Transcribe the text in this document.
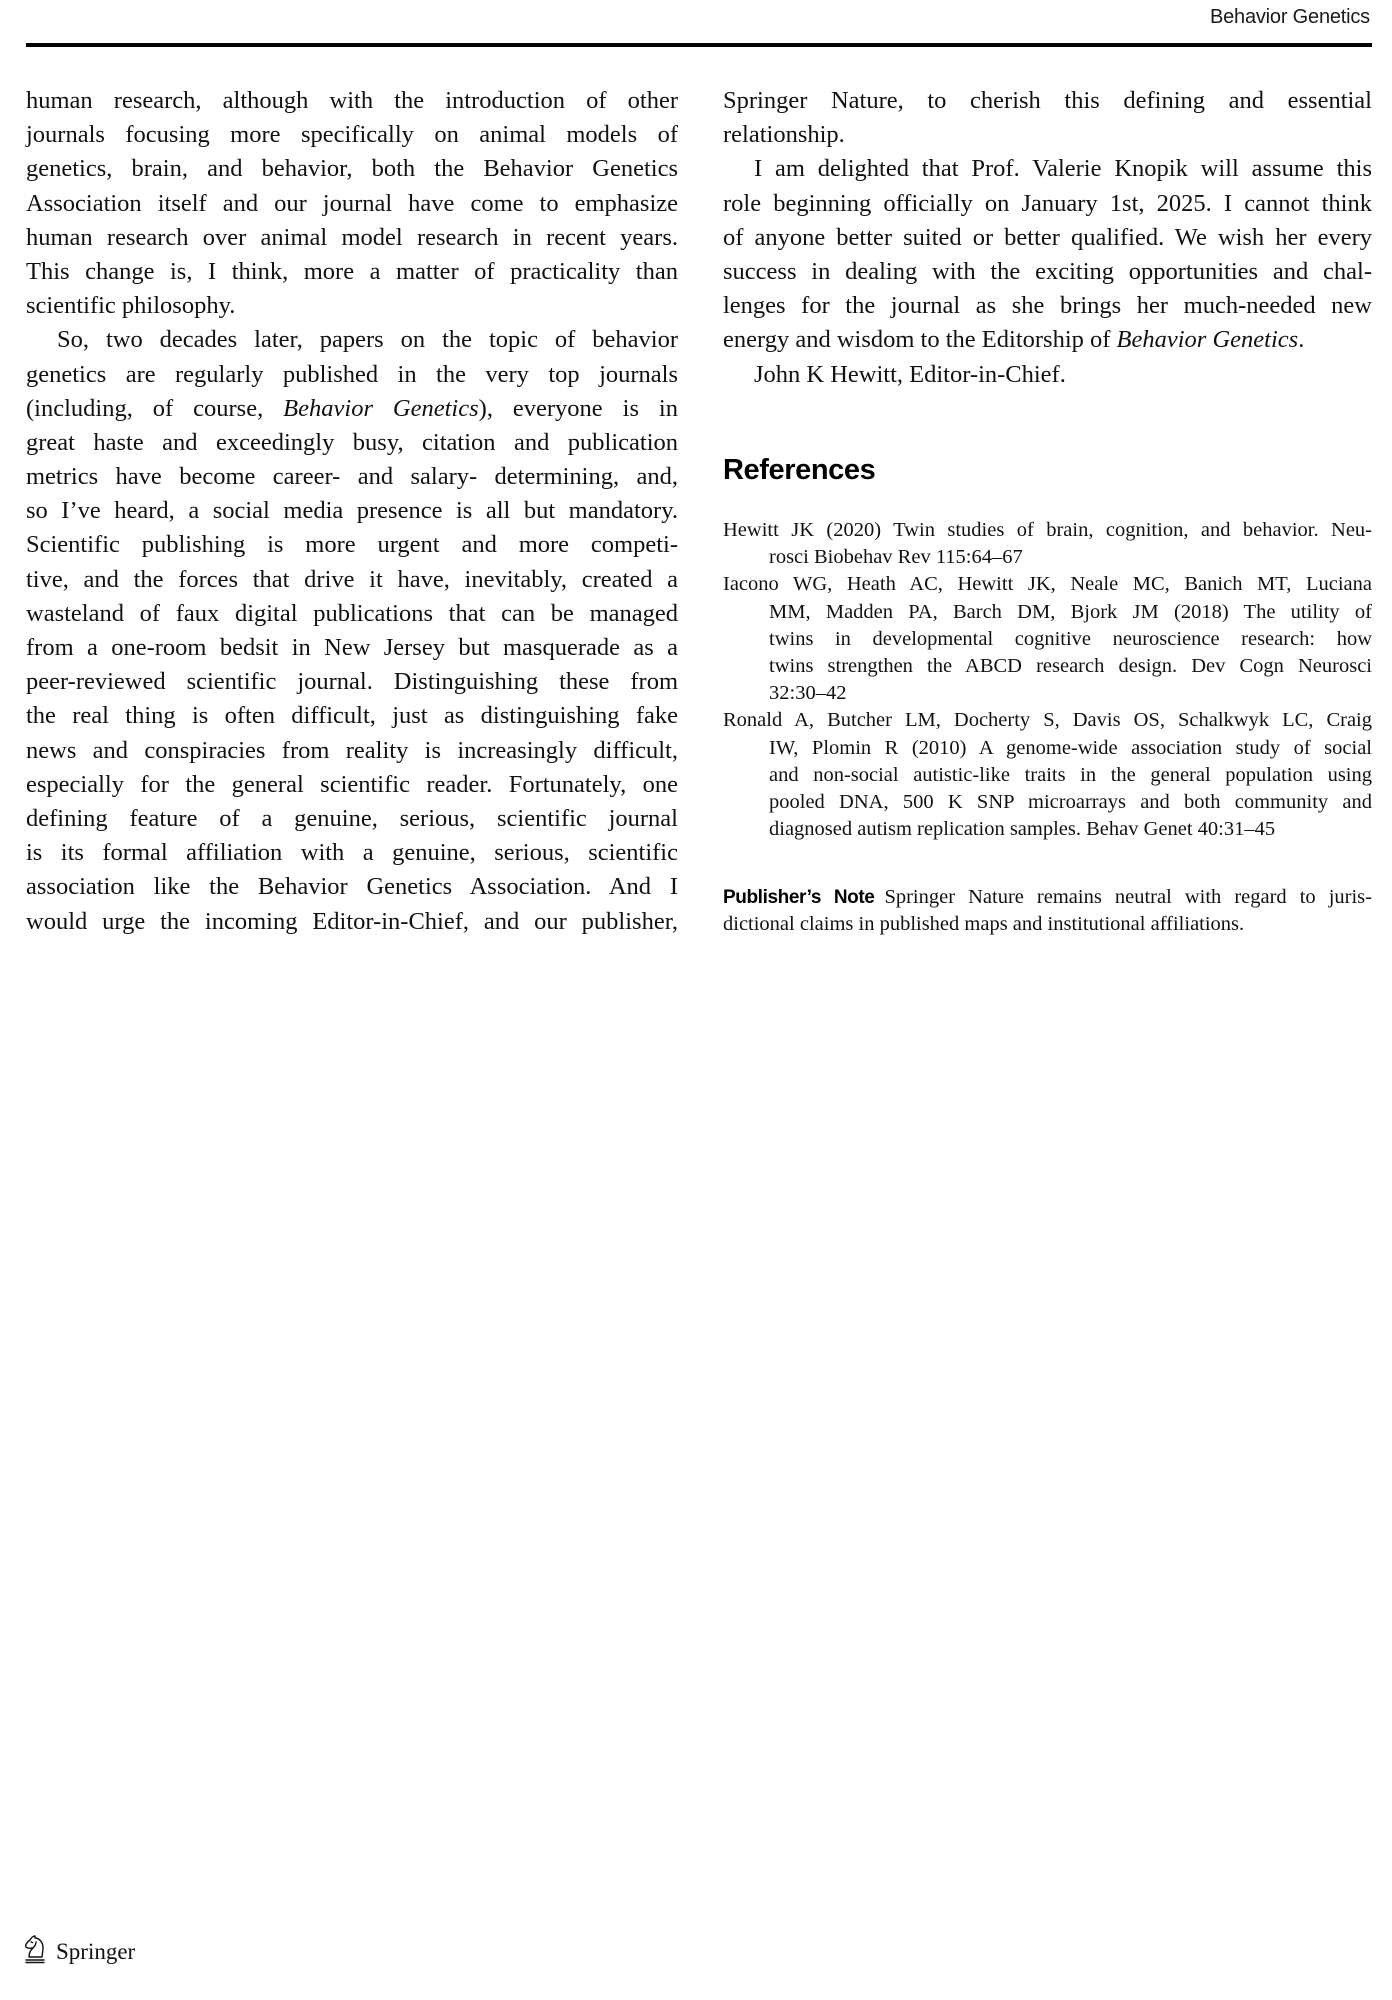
Behavior Genetics

human research, although with the introduction of other
journals focusing more specifically on animal models of
genetics, brain, and behavior, both the Behavior Genetics
Association itself and our journal have come to emphasize
human research over animal model research in recent years.
This change is, I think, more a matter of practicality than
scientific philosophy.

So, two decades later, papers on the topic of behavior
genetics are regularly published in the very top journals
(including, of course, Behavior Genetics), everyone is in
great haste and exceedingly busy, citation and publication
metrics have become career- and salary- determining, and,
so I’ve heard, a social media presence is all but mandatory.
Scientific publishing is more urgent and more competi-
tive, and the forces that drive it have, inevitably, created a
wasteland of faux digital publications that can be managed
from a one-room bedsit in New Jersey but masquerade as a
peer-reviewed scientific journal. Distinguishing these from
the real thing is often difficult, just as distinguishing fake
news and conspiracies from reality is increasingly difficult,
especially for the general scientific reader. Fortunately, one
defining feature of a genuine, serious, scientific journal
is its formal affiliation with a genuine, serious, scientific
association like the Behavior Genetics Association. And I
would urge the incoming Editor-in-Chief, and our publisher,

Springer Nature, to cherish this defining and essential
relationship.

I am delighted that Prof. Valerie Knopik will assume this
role beginning officially on January 1st, 2025. I cannot think
of anyone better suited or better qualified. We wish her every
success in dealing with the exciting opportunities and chal-
lenges for the journal as she brings her much-needed new
energy and wisdom to the Editorship of Behavior Genetics.

John K Hewitt, Editor-in-Chief.

References
Hewitt JK (2020) Twin studies of brain, cognition, and behavior. Neu-
rosci Biobehav Rev 115:64–67
Iacono WG, Heath AC, Hewitt JK, Neale MC, Banich MT, Luciana
MM, Madden PA, Barch DM, Bjork JM (2018) The utility of
twins in developmental cognitive neuroscience research: how
twins strengthen the ABCD research design. Dev Cogn Neurosci
32:30–42
Ronald A, Butcher LM, Docherty S, Davis OS, Schalkwyk LC, Craig
IW, Plomin R (2010) A genome-wide association study of social
and non-social autistic-like traits in the general population using
pooled DNA, 500 K SNP microarrays and both community and
diagnosed autism replication samples. Behav Genet 40:31–45
Publisher’s Note Springer Nature remains neutral with regard to juris-
dictional claims in published maps and institutional affiliations.
Springer
